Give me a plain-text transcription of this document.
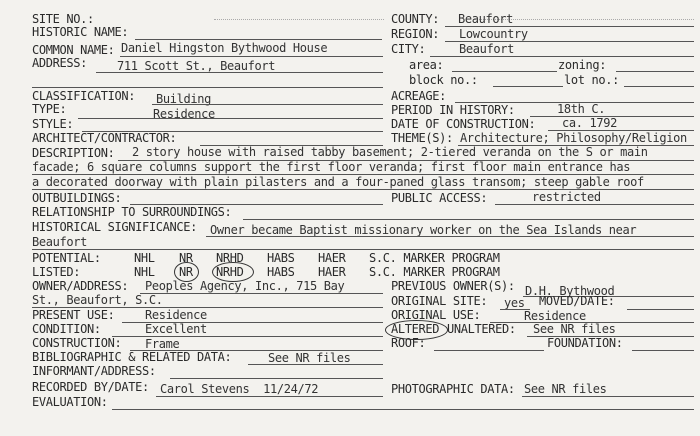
SITE NO.:
HISTORIC NAME:
COMMON NAME: Daniel Hingston Bythwood House
ADDRESS:	711 Scott St., Beaufort
COUNTY: Beaufort
REGION: Lowcountry
CITY:	Beaufort
area:	zoning:
block no.:	lot no.:
CLASSIFICATION: Building
TYPE:	Residence
STYLE:
ARCHITECT/CONTRACTOR:
ACREAGE:
PERIOD IN HISTORY:	18th C.
DATE OF CONSTRUCTION: ca. 1792
THEME(S): Architecture; Philosophy/Religion
DESCRIPTION: 2 story house with raised tabby basement; 2-tiered veranda on the S or main
facade; 6 square columns support the first floor veranda; first floor main entrance has
a decorated doorway with plain pilasters and a four-paned glass transom; steep gable roof
OUTBUILDINGS:	PUBLIC ACCESS:	restricted
RELATIONSHIP TO SURROUNDINGS:
HISTORICAL SIGNIFICANCE: Owner became Baptist missionary worker on the Sea Islands near
Beaufort
POTENTIAL:	NHL NR NRHD HABS HAER S.C. MARKER PROGRAM
LISTED:	NHL NR NRHD HABS HAER S.C. MARKER PROGRAM
OWNER/ADDRESS: Peoples Agency, Inc., 715 Bay
St., Beaufort, S.C.
PREVIOUS OWNER(S): D.H. Bythwood
ORIGINAL SITE: yes MOVED/DATE:
PRESENT USE:	Residence	ORIGINAL USE:	Residence
CONDITION:	Excellent	ALTERED UNALTERED: See NR files
CONSTRUCTION: Frame	ROOF:	FOUNDATION:
BIBLIOGRAPHIC & RELATED DATA:	See NR files
INFORMANT/ADDRESS:
RECORDED BY/DATE: Carol Stevens  11/24/72	PHOTOGRAPHIC DATA: See NR files
EVALUATION:
